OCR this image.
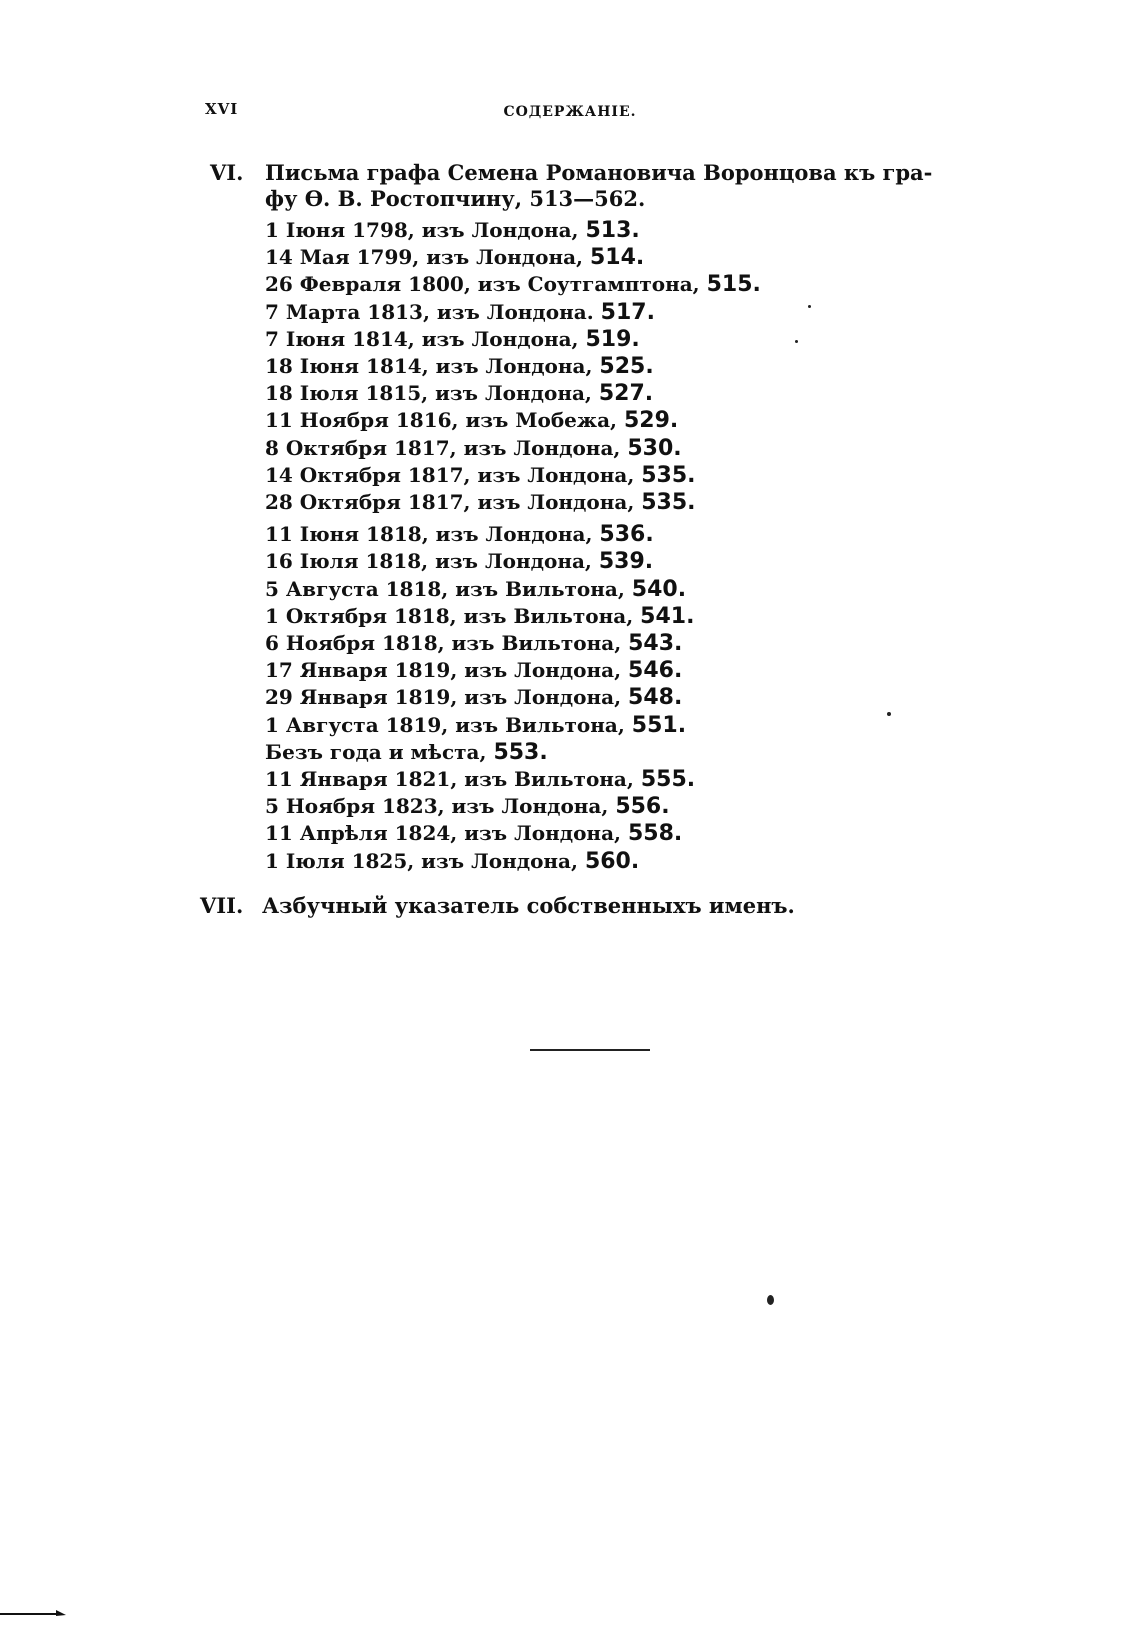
XVI	СОДЕРЖАНIЕ.
VI. Письма графа Семена Романовича Воронцова къ гра-
фу Ѳ. В. Ростопчину, 513—562.
1 Iюня 1798, изъ Лондона, 513.
14 Мая 1799, изъ Лондона, 514.
26 Февраля 1800, изъ Соутгамптона, 515.
7 Марта 1813, изъ Лондона. 517.
7 Iюня 1814, изъ Лондона, 519.
18 Iюня 1814, изъ Лондона, 525.
18 Iюля 1815, изъ Лондона, 527.
11 Ноября 1816, изъ Мобежа, 529.
8 Октября 1817, изъ Лондона, 530.
14 Октября 1817, изъ Лондона, 535.
28 Октября 1817, изъ Лондона, 535.
11 Iюня 1818, изъ Лондона, 536.
16 Iюля 1818, изъ Лондона, 539.
5 Августа 1818, изъ Вильтона, 540.
1 Октября 1818, изъ Вильтона, 541.
6 Ноября 1818, изъ Вильтона, 543.
17 Января 1819, изъ Лондона, 546.
29 Января 1819, изъ Лондона, 548.
1 Августа 1819, изъ Вильтона, 551.
Безъ года и мѣста, 553.
11 Января 1821, изъ Вильтона, 555.
5 Ноября 1823, изъ Лондона, 556.
11 Апрѣля 1824, изъ Лондона, 558.
1 Iюля 1825, изъ Лондона, 560.
VII. Азбучный указатель собственныхъ именъ.
